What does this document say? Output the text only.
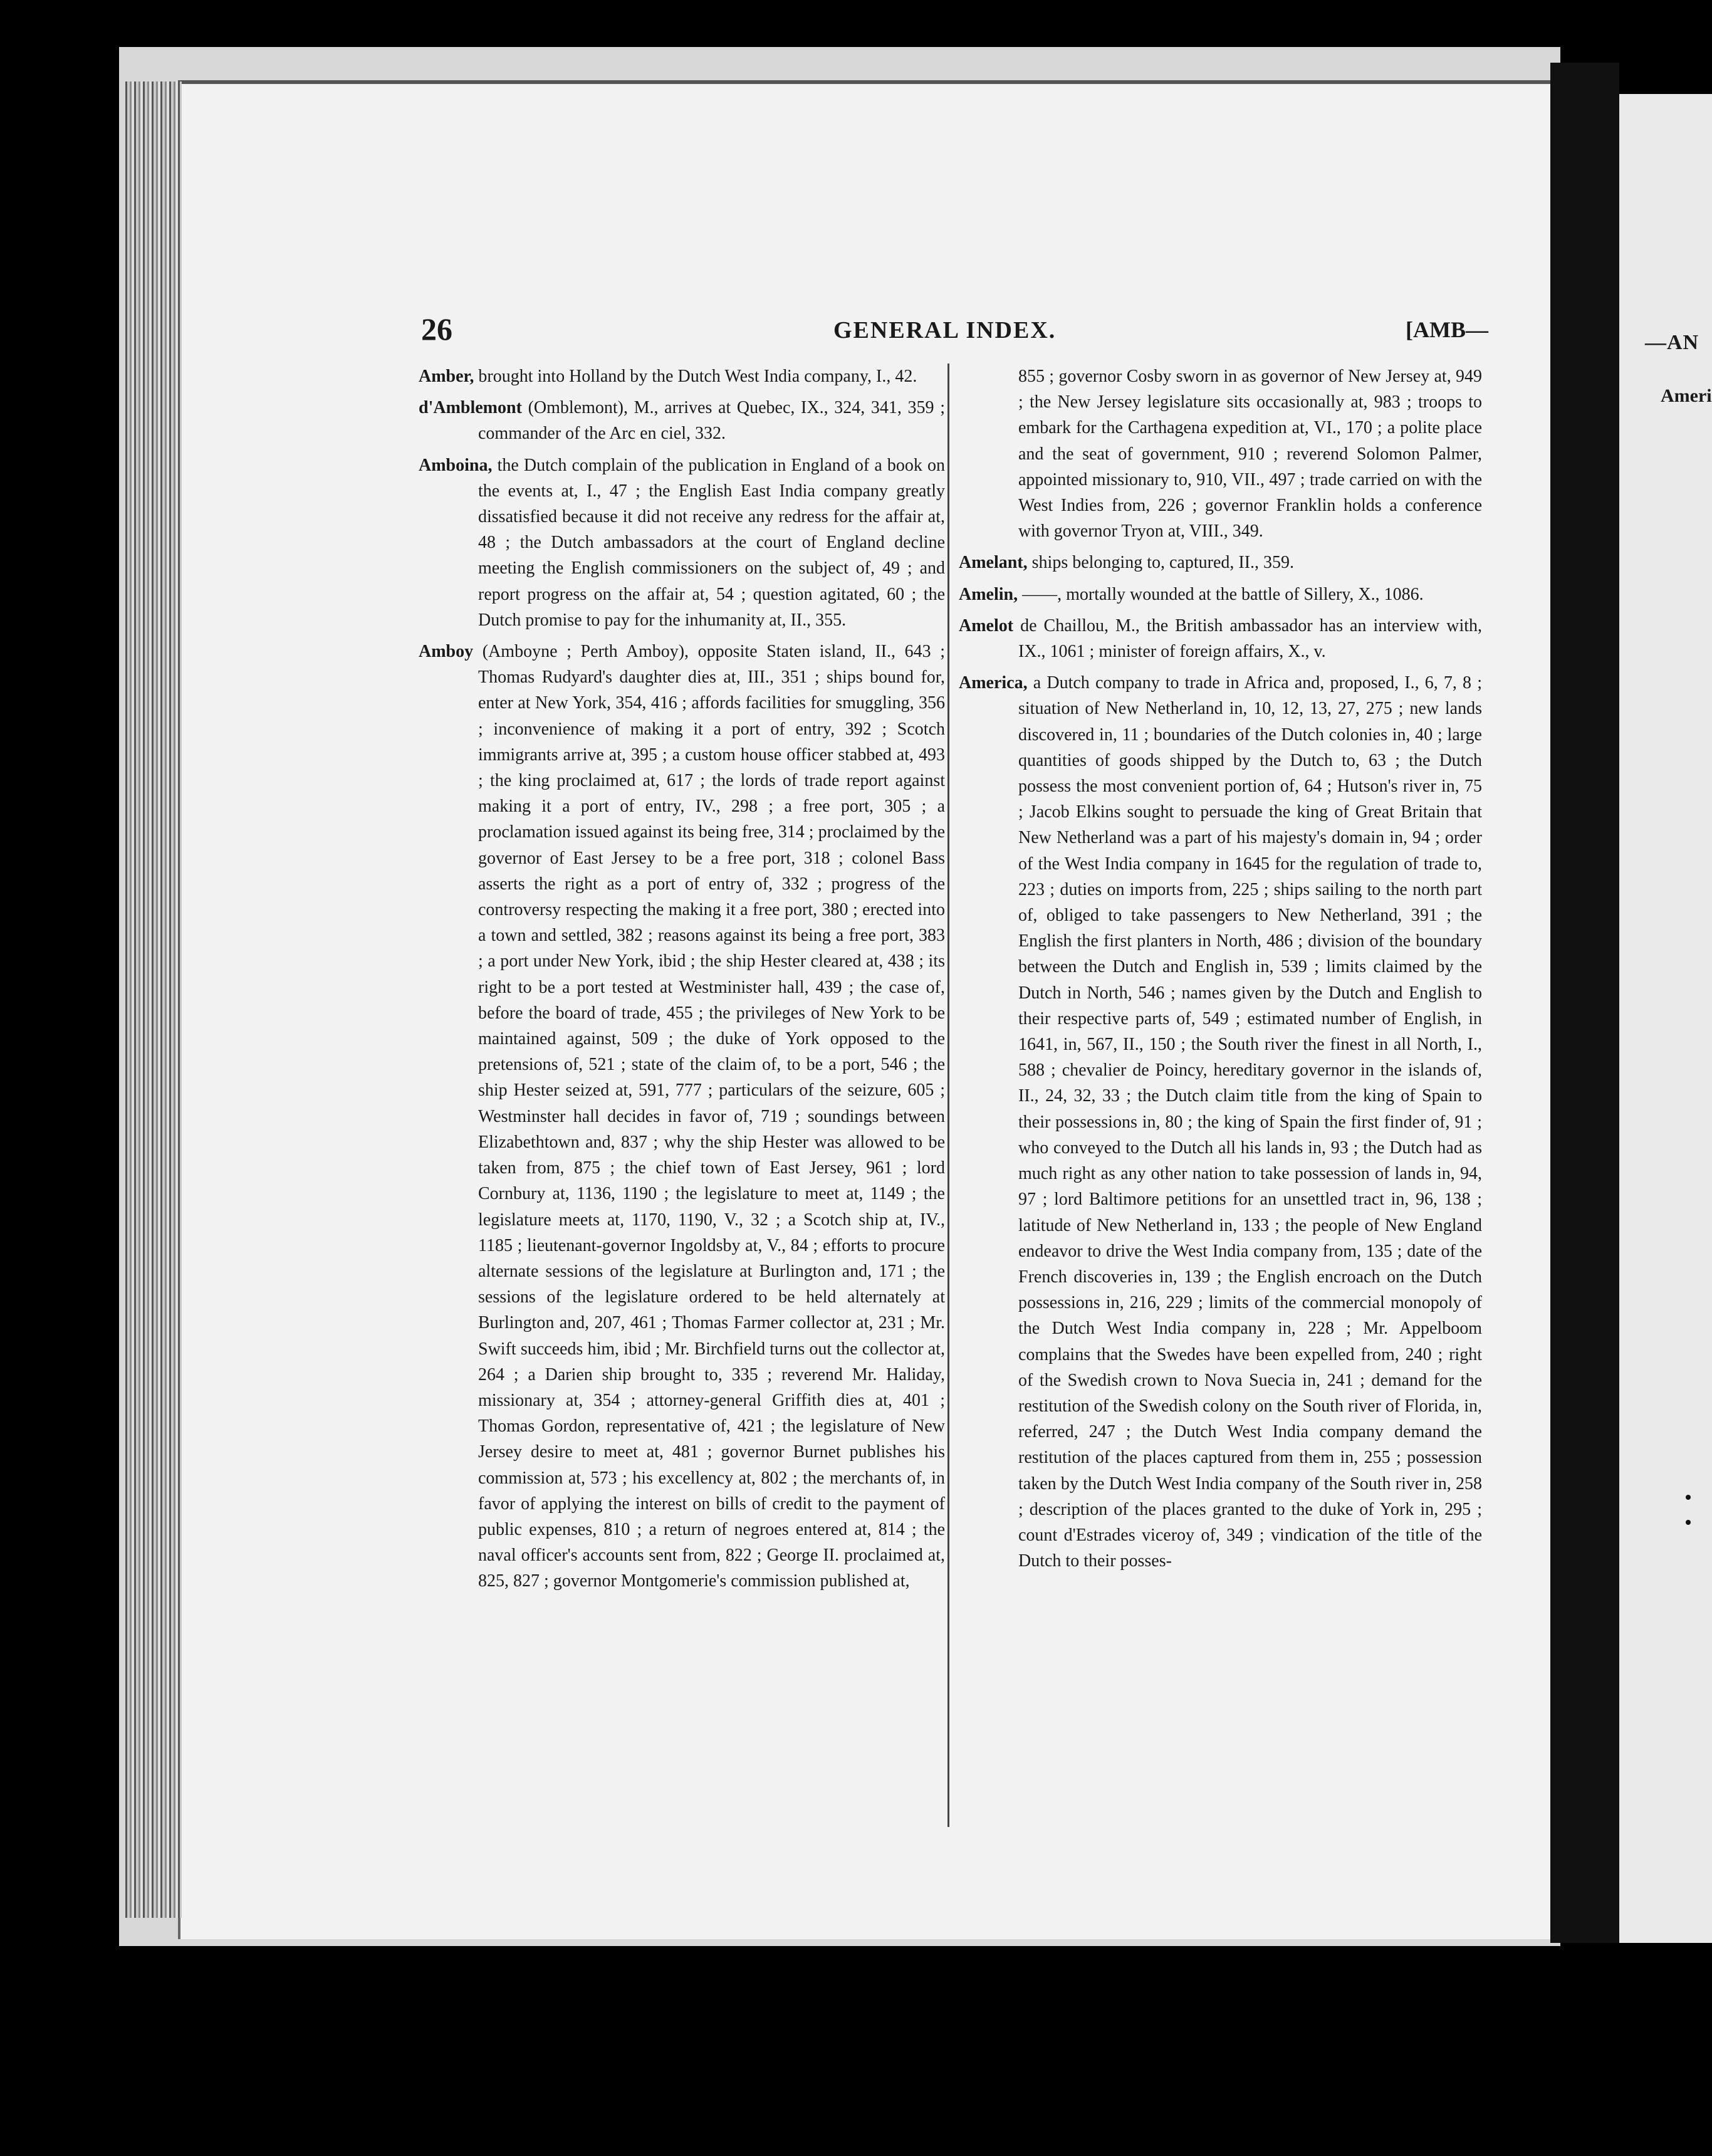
—AN
Ameri
26	GENERAL INDEX.	[AMB—

Amber, brought into Holland by the Dutch West India company, I., 42.

d'Amblemont (Omblemont), M., arrives at Quebec, IX., 324, 341, 359 ; commander of the Arc en ciel, 332.

Amboina, the Dutch complain of the publication in England of a book on the events at, I., 47 ; the English East India company greatly dissatisfied because it did not receive any redress for the affair at, 48 ; the Dutch ambassadors at the court of England decline meeting the English commissioners on the subject of, 49 ; and report progress on the affair at, 54 ; question agitated, 60 ; the Dutch promise to pay for the inhumanity at, II., 355.

Amboy (Amboyne ; Perth Amboy), opposite Staten island, II., 643 ; Thomas Rudyard's daughter dies at, III., 351 ; ships bound for, enter at New York, 354, 416 ; affords facilities for smuggling, 356 ; inconvenience of making it a port of entry, 392 ; Scotch immigrants arrive at, 395 ; a custom house officer stabbed at, 493 ; the king proclaimed at, 617 ; the lords of trade report against making it a port of entry, IV., 298 ; a free port, 305 ; a proclamation issued against its being free, 314 ; proclaimed by the governor of East Jersey to be a free port, 318 ; colonel Bass asserts the right as a port of entry of, 332 ; progress of the controversy respecting the making it a free port, 380 ; erected into a town and settled, 382 ; reasons against its being a free port, 383 ; a port under New York, ibid ; the ship Hester cleared at, 438 ; its right to be a port tested at Westminister hall, 439 ; the case of, before the board of trade, 455 ; the privileges of New York to be maintained against, 509 ; the duke of York opposed to the pretensions of, 521 ; state of the claim of, to be a port, 546 ; the ship Hester seized at, 591, 777 ; particulars of the seizure, 605 ; Westminster hall decides in favor of, 719 ; soundings between Elizabethtown and, 837 ; why the ship Hester was allowed to be taken from, 875 ; the chief town of East Jersey, 961 ; lord Cornbury at, 1136, 1190 ; the legislature to meet at, 1149 ; the legislature meets at, 1170, 1190, V., 32 ; a Scotch ship at, IV., 1185 ; lieutenant-governor Ingoldsby at, V., 84 ; efforts to procure alternate sessions of the legislature at Burlington and, 171 ; the sessions of the legislature ordered to be held alternately at Burlington and, 207, 461 ; Thomas Farmer collector at, 231 ; Mr. Swift succeeds him, ibid ; Mr. Birchfield turns out the collector at, 264 ; a Darien ship brought to, 335 ; reverend Mr. Haliday, missionary at, 354 ; attorney-general Griffith dies at, 401 ; Thomas Gordon, representative of, 421 ; the legislature of New Jersey desire to meet at, 481 ; governor Burnet publishes his commission at, 573 ; his excellency at, 802 ; the merchants of, in favor of applying the interest on bills of credit to the payment of public expenses, 810 ; a return of negroes entered at, 814 ; the naval officer's accounts sent from, 822 ; George II. proclaimed at, 825, 827 ; governor Montgomerie's commission published at,

855 ; governor Cosby sworn in as governor of New Jersey at, 949 ; the New Jersey legislature sits occasionally at, 983 ; troops to embark for the Carthagena expedition at, VI., 170 ; a polite place and the seat of government, 910 ; reverend Solomon Palmer, appointed missionary to, 910, VII., 497 ; trade carried on with the West Indies from, 226 ; governor Franklin holds a conference with governor Tryon at, VIII., 349.

Amelant, ships belonging to, captured, II., 359.

Amelin, ——, mortally wounded at the battle of Sillery, X., 1086.

Amelot de Chaillou, M., the British ambassador has an interview with, IX., 1061 ; minister of foreign affairs, X., v.

America, a Dutch company to trade in Africa and, proposed, I., 6, 7, 8 ; situation of New Netherland in, 10, 12, 13, 27, 275 ; new lands discovered in, 11 ; boundaries of the Dutch colonies in, 40 ; large quantities of goods shipped by the Dutch to, 63 ; the Dutch possess the most convenient portion of, 64 ; Hutson's river in, 75 ; Jacob Elkins sought to persuade the king of Great Britain that New Netherland was a part of his majesty's domain in, 94 ; order of the West India company in 1645 for the regulation of trade to, 223 ; duties on imports from, 225 ; ships sailing to the north part of, obliged to take passengers to New Netherland, 391 ; the English the first planters in North, 486 ; division of the boundary between the Dutch and English in, 539 ; limits claimed by the Dutch in North, 546 ; names given by the Dutch and English to their respective parts of, 549 ; estimated number of English, in 1641, in, 567, II., 150 ; the South river the finest in all North, I., 588 ; chevalier de Poincy, hereditary governor in the islands of, II., 24, 32, 33 ; the Dutch claim title from the king of Spain to their possessions in, 80 ; the king of Spain the first finder of, 91 ; who conveyed to the Dutch all his lands in, 93 ; the Dutch had as much right as any other nation to take possession of lands in, 94, 97 ; lord Baltimore petitions for an unsettled tract in, 96, 138 ; latitude of New Netherland in, 133 ; the people of New England endeavor to drive the West India company from, 135 ; date of the French discoveries in, 139 ; the English encroach on the Dutch possessions in, 216, 229 ; limits of the commercial monopoly of the Dutch West India company in, 228 ; Mr. Appelboom complains that the Swedes have been expelled from, 240 ; right of the Swedish crown to Nova Suecia in, 241 ; demand for the restitution of the Swedish colony on the South river of Florida, in, referred, 247 ; the Dutch West India company demand the restitution of the places captured from them in, 255 ; possession taken by the Dutch West India company of the South river in, 258 ; description of the places granted to the duke of York in, 295 ; count d'Estrades viceroy of, 349 ; vindication of the title of the Dutch to their posses-
